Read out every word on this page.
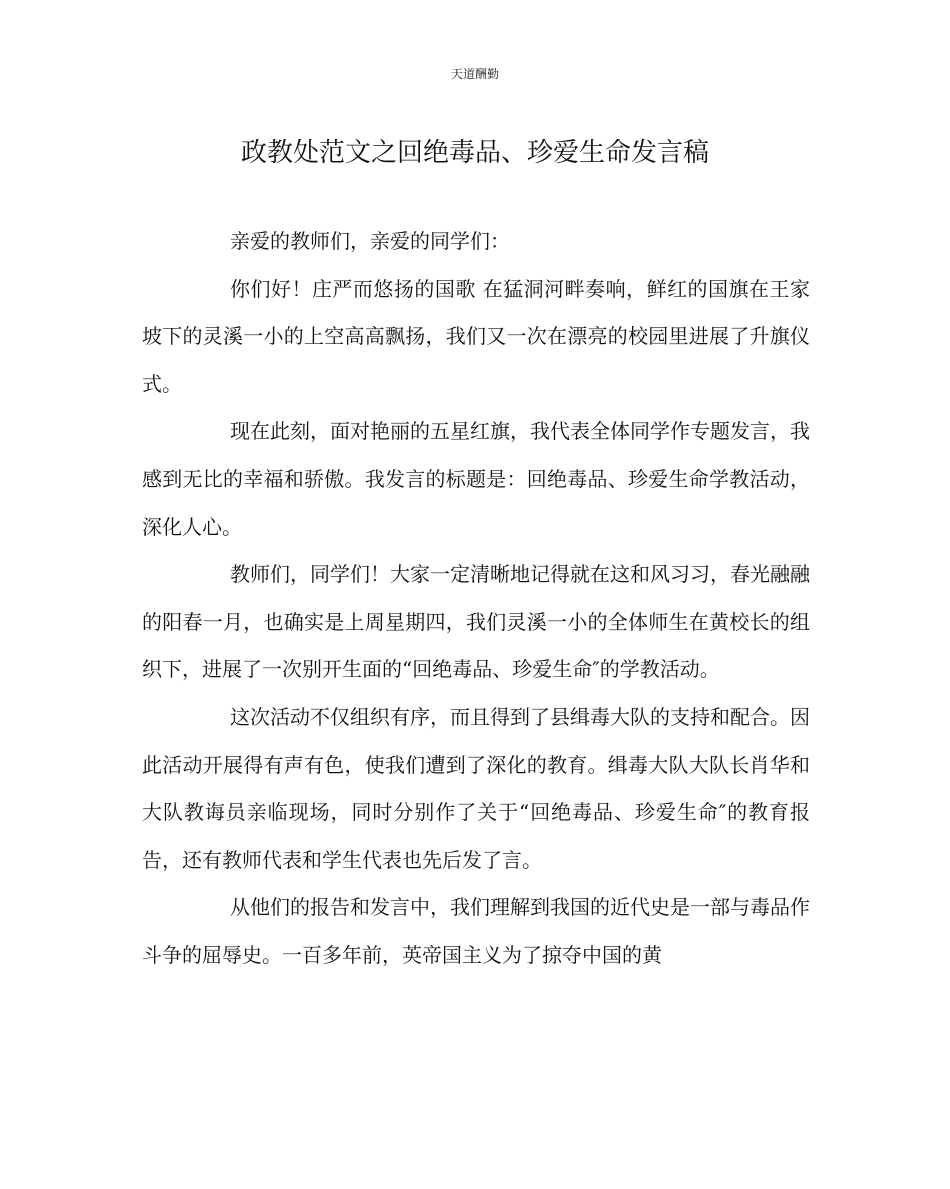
天道酬勤
政教处范文之回绝毒品、珍爱生命发言稿

亲爱的教师们，亲爱的同学们：

你们好！庄严而悠扬的国歌 在猛洞河畔奏响，鲜红的国旗在王家坡下的灵溪一小的上空高高飘扬，我们又一次在漂亮的校园里进展了升旗仪式。

现在此刻，面对艳丽的五星红旗，我代表全体同学作专题发言，我感到无比的幸福和骄傲。我发言的标题是：回绝毒品、珍爱生命学教活动，深化人心。

教师们，同学们！大家一定清晰地记得就在这和风习习，春光融融的阳春一月，也确实是上周星期四，我们灵溪一小的全体师生在黄校长的组织下，进展了一次别开生面的“回绝毒品、珍爱生命″的学教活动。

这次活动不仅组织有序，而且得到了县缉毒大队的支持和配合。因此活动开展得有声有色，使我们遭到了深化的教育。缉毒大队大队长肖华和大队教诲员亲临现场，同时分别作了关于“回绝毒品、珍爱生命″的教育报告，还有教师代表和学生代表也先后发了言。

从他们的报告和发言中，我们理解到我国的近代史是一部与毒品作斗争的屈辱史。一百多年前，英帝国主义为了掠夺中国的黄
